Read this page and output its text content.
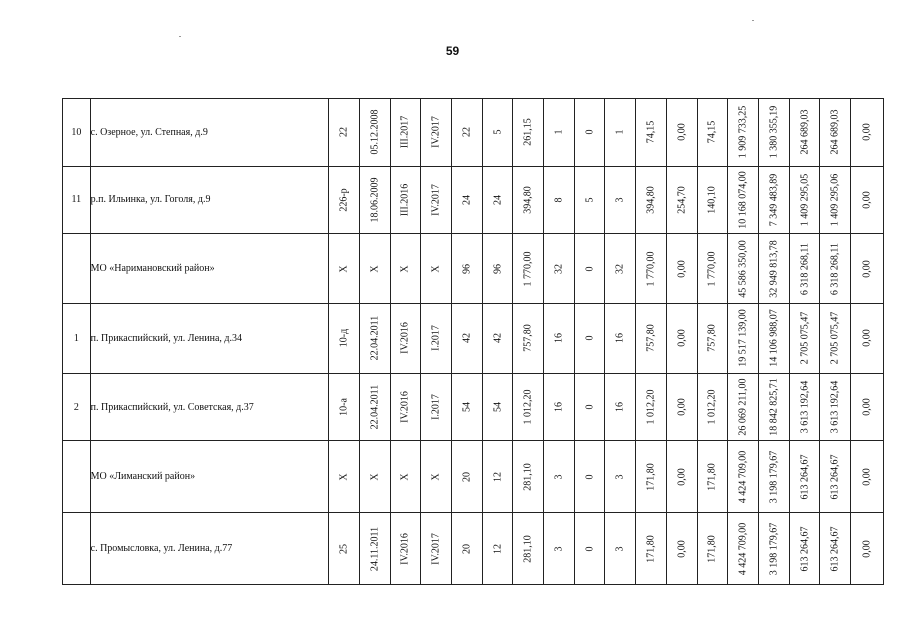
59
10	с. Озерное, ул. Степная, д.9	22	05.12.2008	III.2017	IV.2017	22	5	261,15	1	0	1	74,15	0,00	74,15	1 909 733,25	1 380 355,19	264 689,03	264 689,03	0,00

11	р.п. Ильинка, ул. Гоголя, д.9	226-р	18.06.2009	III.2016	IV.2017	24	24	394,80	8	5	3	394,80	254,70	140,10	10 168 074,00	7 349 483,89	1 409 295,05	1 409 295,06	0,00

	МО «Наримановский район»	Х	Х	Х	Х	96	96	1 770,00	32	0	32	1 770,00	0,00	1 770,00	45 586 350,00	32 949 813,78	6 318 268,11	6 318 268,11	0,00

1	п. Прикаспийский, ул. Ленина, д.34	10-д	22.04.2011	IV.2016	I.2017	42	42	757,80	16	0	16	757,80	0,00	757,80	19 517 139,00	14 106 988,07	2 705 075,47	2 705 075,47	0,00

2	п. Прикаспийский, ул. Советская, д.37	10-а	22.04.2011	IV.2016	I.2017	54	54	1 012,20	16	0	16	1 012,20	0,00	1 012,20	26 069 211,00	18 842 825,71	3 613 192,64	3 613 192,64	0,00

	МО «Лиманский район»	Х	Х	Х	Х	20	12	281,10	3	0	3	171,80	0,00	171,80	4 424 709,00	3 198 179,67	613 264,67	613 264,67	0,00

	с. Промысловка, ул. Ленина, д.77	25	24.11.2011	IV.2016	IV.2017	20	12	281,10	3	0	3	171,80	0,00	171,80	4 424 709,00	3 198 179,67	613 264,67	613 264,67	0,00
